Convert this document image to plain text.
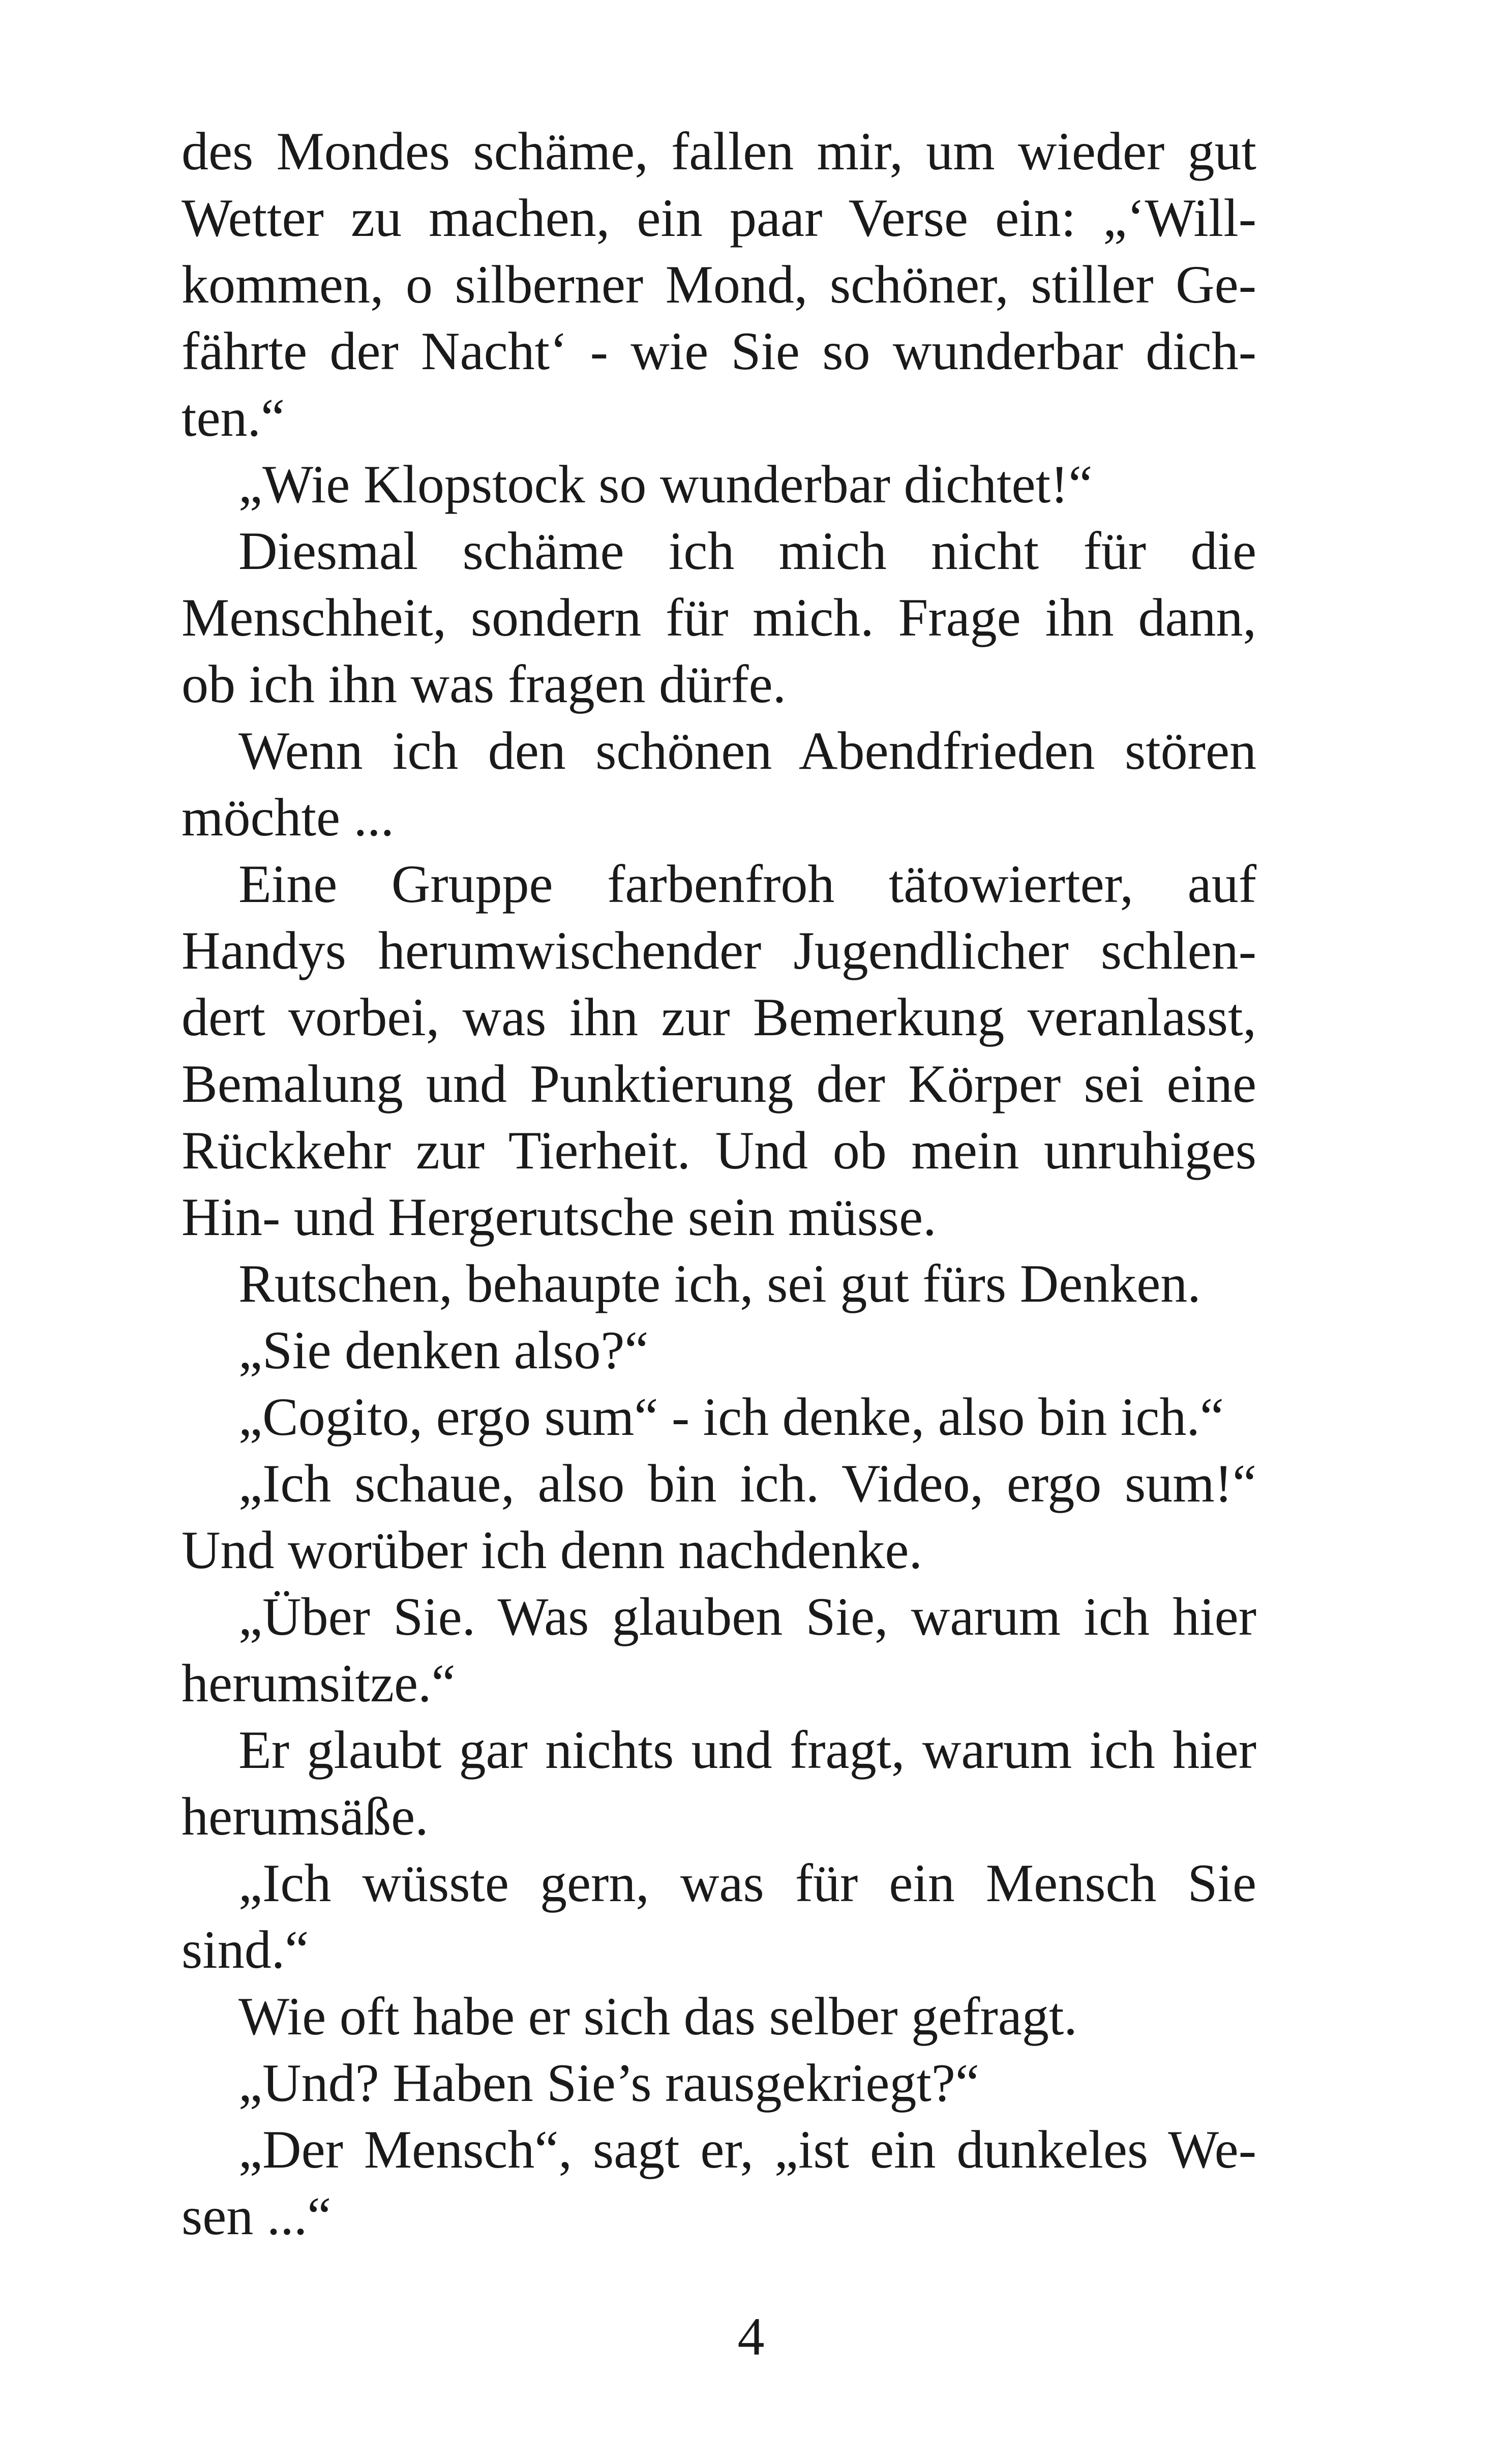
des Mondes schäme, fallen mir, um wieder gut
Wetter zu machen, ein paar Verse ein: „‘Will-
kommen, o silberner Mond, schöner, stiller Ge-
fährte der Nacht‘ - wie Sie so wunderbar dich-
ten.“
„Wie Klopstock so wunderbar dichtet!“
Diesmal schäme ich mich nicht für die
Menschheit, sondern für mich. Frage ihn dann,
ob ich ihn was fragen dürfe.
Wenn ich den schönen Abendfrieden stören
möchte ...
Eine Gruppe farbenfroh tätowierter, auf
Handys herumwischender Jugendlicher schlen-
dert vorbei, was ihn zur Bemerkung veranlasst,
Bemalung und Punktierung der Körper sei eine
Rückkehr zur Tierheit. Und ob mein unruhiges
Hin- und Hergerutsche sein müsse.
Rutschen, behaupte ich, sei gut fürs Denken.
„Sie denken also?“
„Cogito, ergo sum“ - ich denke, also bin ich.“
„Ich schaue, also bin ich. Video, ergo sum!“
Und worüber ich denn nachdenke.
„Über Sie. Was glauben Sie, warum ich hier
herumsitze.“
Er glaubt gar nichts und fragt, warum ich hier
herumsäße.
„Ich wüsste gern, was für ein Mensch Sie
sind.“
Wie oft habe er sich das selber gefragt.
„Und? Haben Sie’s rausgekriegt?“
„Der Mensch“, sagt er, „ist ein dunkeles We-
sen ...“
4
